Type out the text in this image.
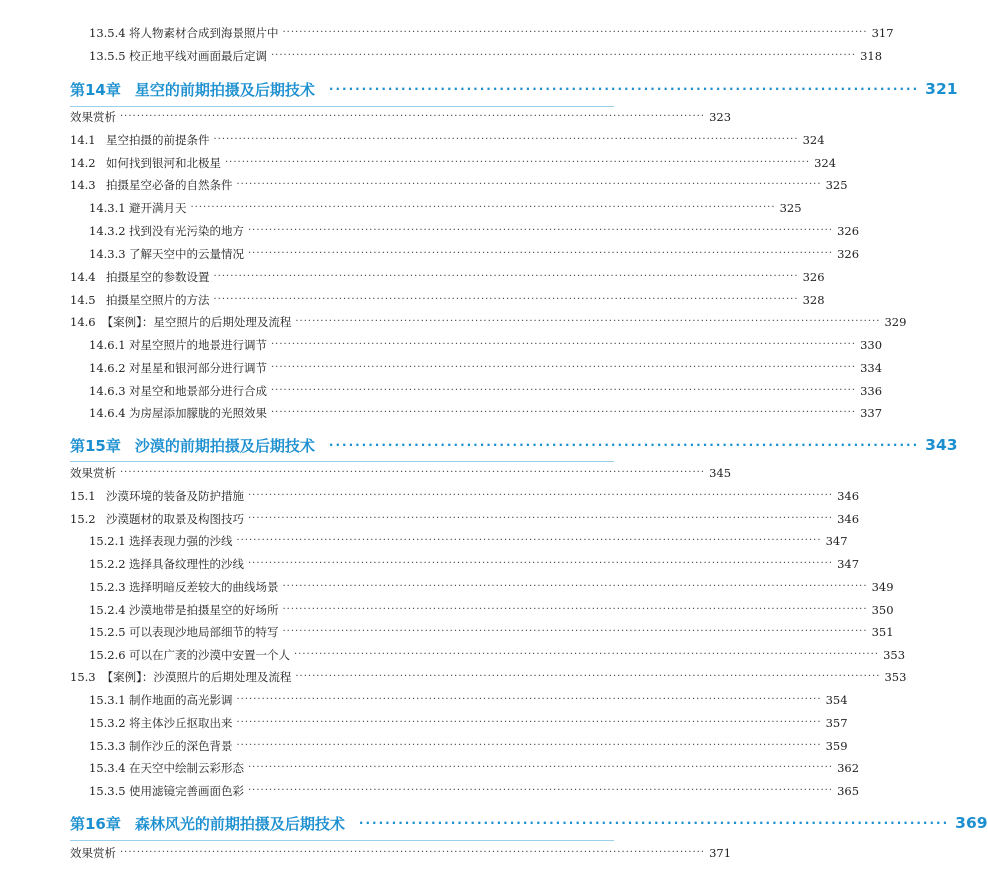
13.5.4 将人物素材合成到海景照片中 ············································································································································ 317
13.5.5 校正地平线对画面最后定调 ············································································································································ 318
第14章 星空的前期拍摄及后期技术 ·························································································· 321
效果赏析 ············································································································································ 323
14.1 星空拍摄的前提条件 ············································································································································ 324
14.2 如何找到银河和北极星 ············································································································································ 324
14.3 拍摄星空必备的自然条件 ············································································································································ 325
14.3.1 避开满月天 ············································································································································ 325
14.3.2 找到没有光污染的地方 ············································································································································ 326
14.3.3 了解天空中的云量情况 ············································································································································ 326
14.4 拍摄星空的参数设置 ············································································································································ 326
14.5 拍摄星空照片的方法 ············································································································································ 328
14.6 【案例】：星空照片的后期处理及流程 ············································································································································ 329
14.6.1 对星空照片的地景进行调节 ············································································································································ 330
14.6.2 对星星和银河部分进行调节 ············································································································································ 334
14.6.3 对星空和地景部分进行合成 ············································································································································ 336
14.6.4 为房屋添加朦胧的光照效果 ············································································································································ 337
第15章 沙漠的前期拍摄及后期技术 ·························································································· 343
效果赏析 ············································································································································ 345
15.1 沙漠环境的装备及防护措施 ············································································································································ 346
15.2 沙漠题材的取景及构图技巧 ············································································································································ 346
15.2.1 选择表现力强的沙线 ············································································································································ 347
15.2.2 选择具备纹理性的沙线 ············································································································································ 347
15.2.3 选择明暗反差较大的曲线场景 ············································································································································ 349
15.2.4 沙漠地带是拍摄星空的好场所 ············································································································································ 350
15.2.5 可以表现沙地局部细节的特写 ············································································································································ 351
15.2.6 可以在广袤的沙漠中安置一个人 ············································································································································ 353
15.3 【案例】：沙漠照片的后期处理及流程 ············································································································································ 353
15.3.1 制作地面的高光影调 ············································································································································ 354
15.3.2 将主体沙丘抠取出来 ············································································································································ 357
15.3.3 制作沙丘的深色背景 ············································································································································ 359
15.3.4 在天空中绘制云彩形态 ············································································································································ 362
15.3.5 使用滤镜完善画面色彩 ············································································································································ 365
第16章 森林风光的前期拍摄及后期技术 ·························································································· 369
效果赏析 ············································································································································ 371
